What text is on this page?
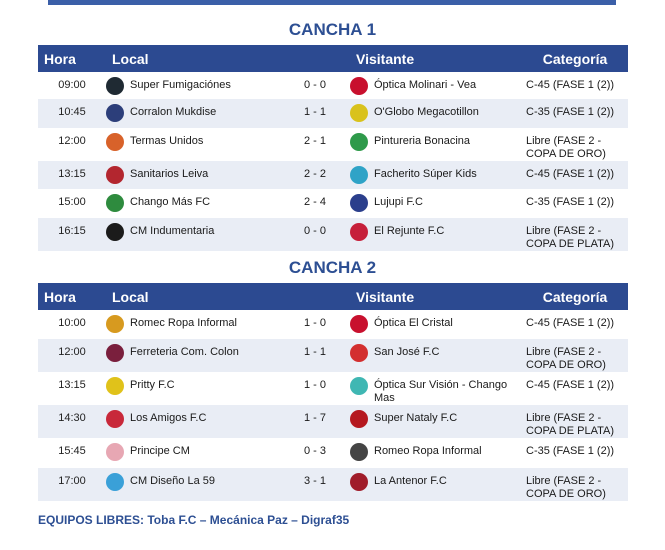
CANCHA 1
Hora	Local		Visitante	Categoría
09:00	Super Fumigaciónes	0 - 0	Óptica Molinari - Vea	C-45 (FASE 1 (2))
10:45	Corralon Mukdise	1 - 1	O'Globo Megacotillon	C-35 (FASE 1 (2))
12:00	Termas Unidos	2 - 1	Pintureria Bonacina	Libre (FASE 2 - COPA DE ORO)
13:15	Sanitarios Leiva	2 - 2	Facherito Súper Kids	C-45 (FASE 1 (2))
15:00	Chango Más FC	2 - 4	Lujupi F.C	C-35 (FASE 1 (2))
16:15	CM Indumentaria	0 - 0	El Rejunte F.C	Libre (FASE 2 - COPA DE PLATA)
CANCHA 2
Hora	Local		Visitante	Categoría
10:00	Romec Ropa Informal	1 - 0	Óptica El Cristal	C-45 (FASE 1 (2))
12:00	Ferreteria Com. Colon	1 - 1	San José F.C	Libre (FASE 2 - COPA DE ORO)
13:15	Pritty F.C	1 - 0	Óptica Sur Visión - Chango Mas	C-45 (FASE 1 (2))
14:30	Los Amigos F.C	1 - 7	Super Nataly F.C	Libre (FASE 2 - COPA DE PLATA)
15:45	Principe CM	0 - 3	Romeo Ropa Informal	C-35 (FASE 1 (2))
17:00	CM Diseño La 59	3 - 1	La Antenor F.C	Libre (FASE 2 - COPA DE ORO)
EQUIPOS LIBRES: Toba F.C – Mecánica Paz – Digraf35
